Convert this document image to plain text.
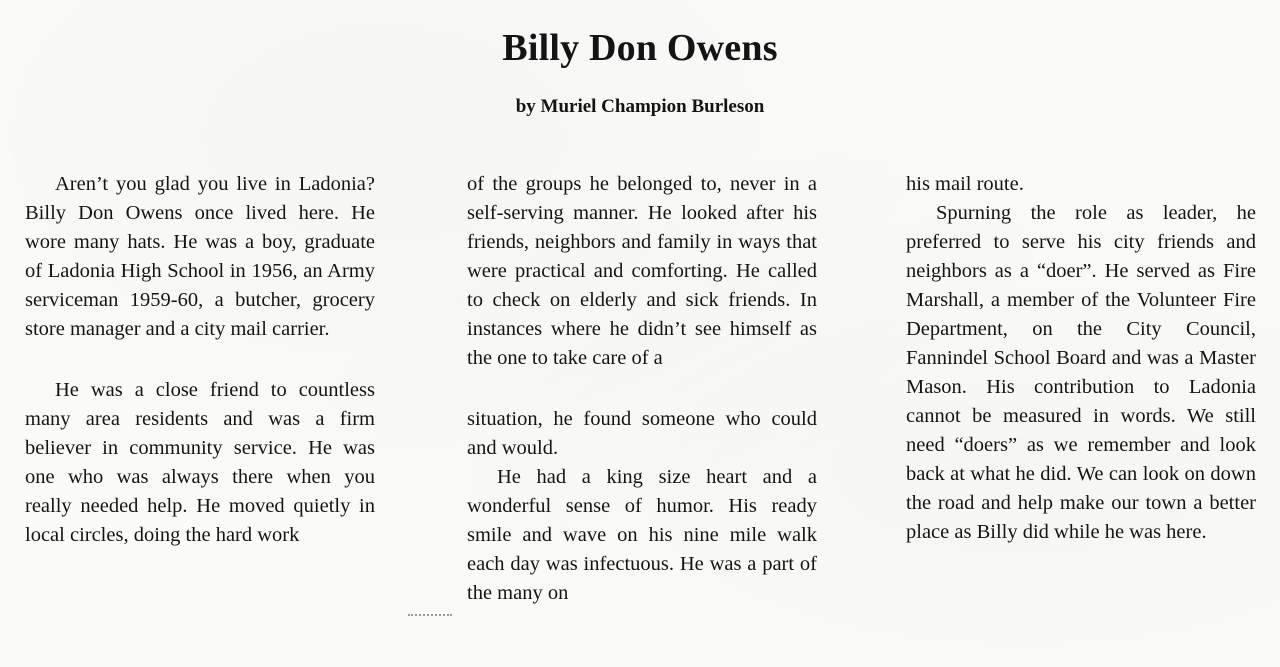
Billy Don Owens
by Muriel Champion Burleson

Aren’t you glad you live in Ladonia? Billy Don Owens once lived here. He wore many hats. He was a boy, graduate of Ladonia High School in 1956, an Army serviceman 1959-60, a butcher, grocery store manager and a city mail carrier.

He was a close friend to countless many area residents and was a firm believer in community service. He was one who was always there when you really needed help. He moved quietly in local circles, doing the hard work

of the groups he belonged to, never in a self-serving manner. He looked after his friends, neighbors and family in ways that were practical and comforting. He called to check on elderly and sick friends. In instances where he didn’t see himself as the one to take care of a

situation, he found someone who could and would.

He had a king size heart and a wonderful sense of humor. His ready smile and wave on his nine mile walk each day was infectuous. He was a part of the many on

his mail route.

Spurning the role as leader, he preferred to serve his city friends and neighbors as a “doer”. He served as Fire Marshall, a member of the Volunteer Fire Department, on the City Council, Fannindel School Board and was a Master Mason. His contribution to Ladonia cannot be measured in words. We still need “doers” as we remember and look back at what he did. We can look on down the road and help make our town a better place as Billy did while he was here.
